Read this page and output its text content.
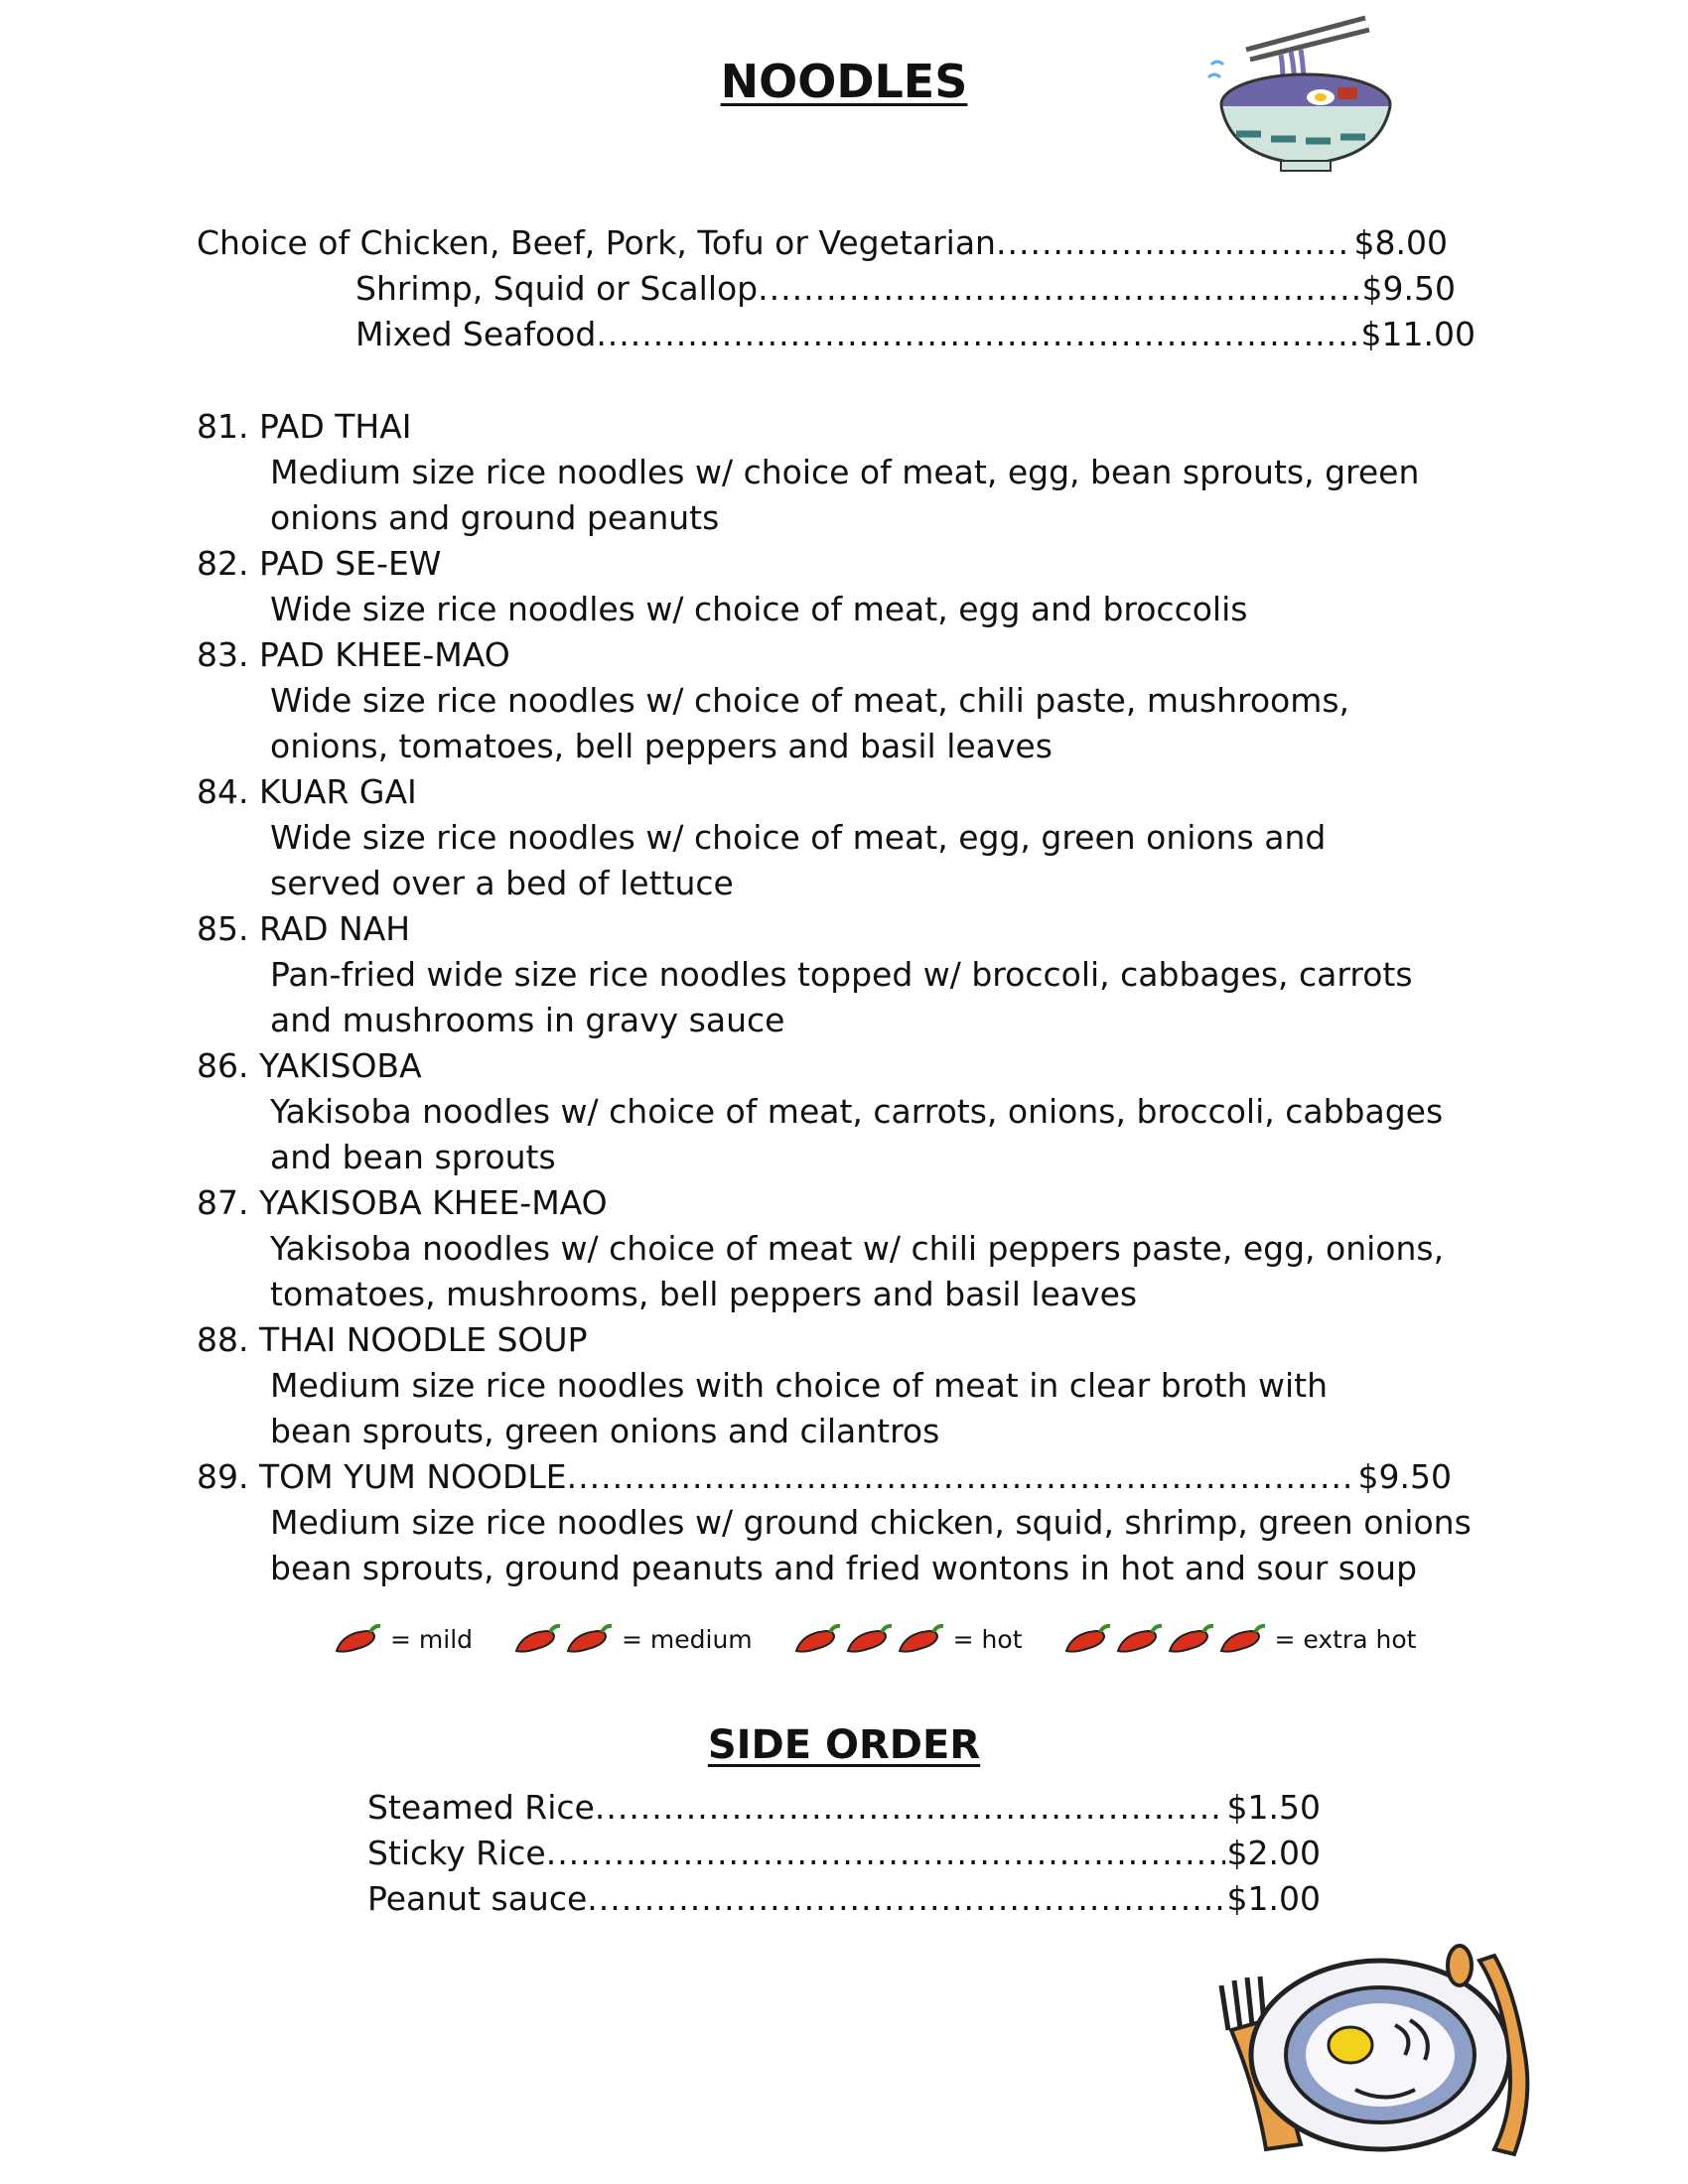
NOODLES
Choice of Chicken, Beef, Pork, Tofu or Vegetarian .....	$8.00
Shrimp, Squid or Scallop .....	$9.50
Mixed Seafood .....	$11.00
81. PAD THAI
Medium size rice noodles w/ choice of meat, egg, bean sprouts, green
onions and ground peanuts
82. PAD SE-EW
Wide size rice noodles w/ choice of meat, egg and broccolis
83. PAD KHEE-MAO
Wide size rice noodles w/ choice of meat, chili paste, mushrooms,
onions, tomatoes, bell peppers and basil leaves
84. KUAR GAI
Wide size rice noodles w/ choice of meat, egg, green onions and
served over a bed of lettuce
85. RAD NAH
Pan-fried wide size rice noodles topped w/ broccoli, cabbages, carrots
and mushrooms in gravy sauce
86. YAKISOBA
Yakisoba noodles w/ choice of meat, carrots, onions, broccoli, cabbages
and bean sprouts
87. YAKISOBA KHEE-MAO
Yakisoba noodles w/ choice of meat w/ chili peppers paste, egg, onions,
tomatoes, mushrooms, bell peppers and basil leaves
88. THAI NOODLE SOUP
Medium size rice noodles with choice of meat in clear broth with
bean sprouts, green onions and cilantros
89. TOM YUM NOODLE .....	$9.50
Medium size rice noodles w/ ground chicken, squid, shrimp, green onions
bean sprouts, ground peanuts and fried wontons in hot and sour soup
= mild	= medium	= hot	= extra hot
SIDE ORDER
Steamed Rice .....	$1.50
Sticky Rice .....	$2.00
Peanut sauce .....	$1.00
